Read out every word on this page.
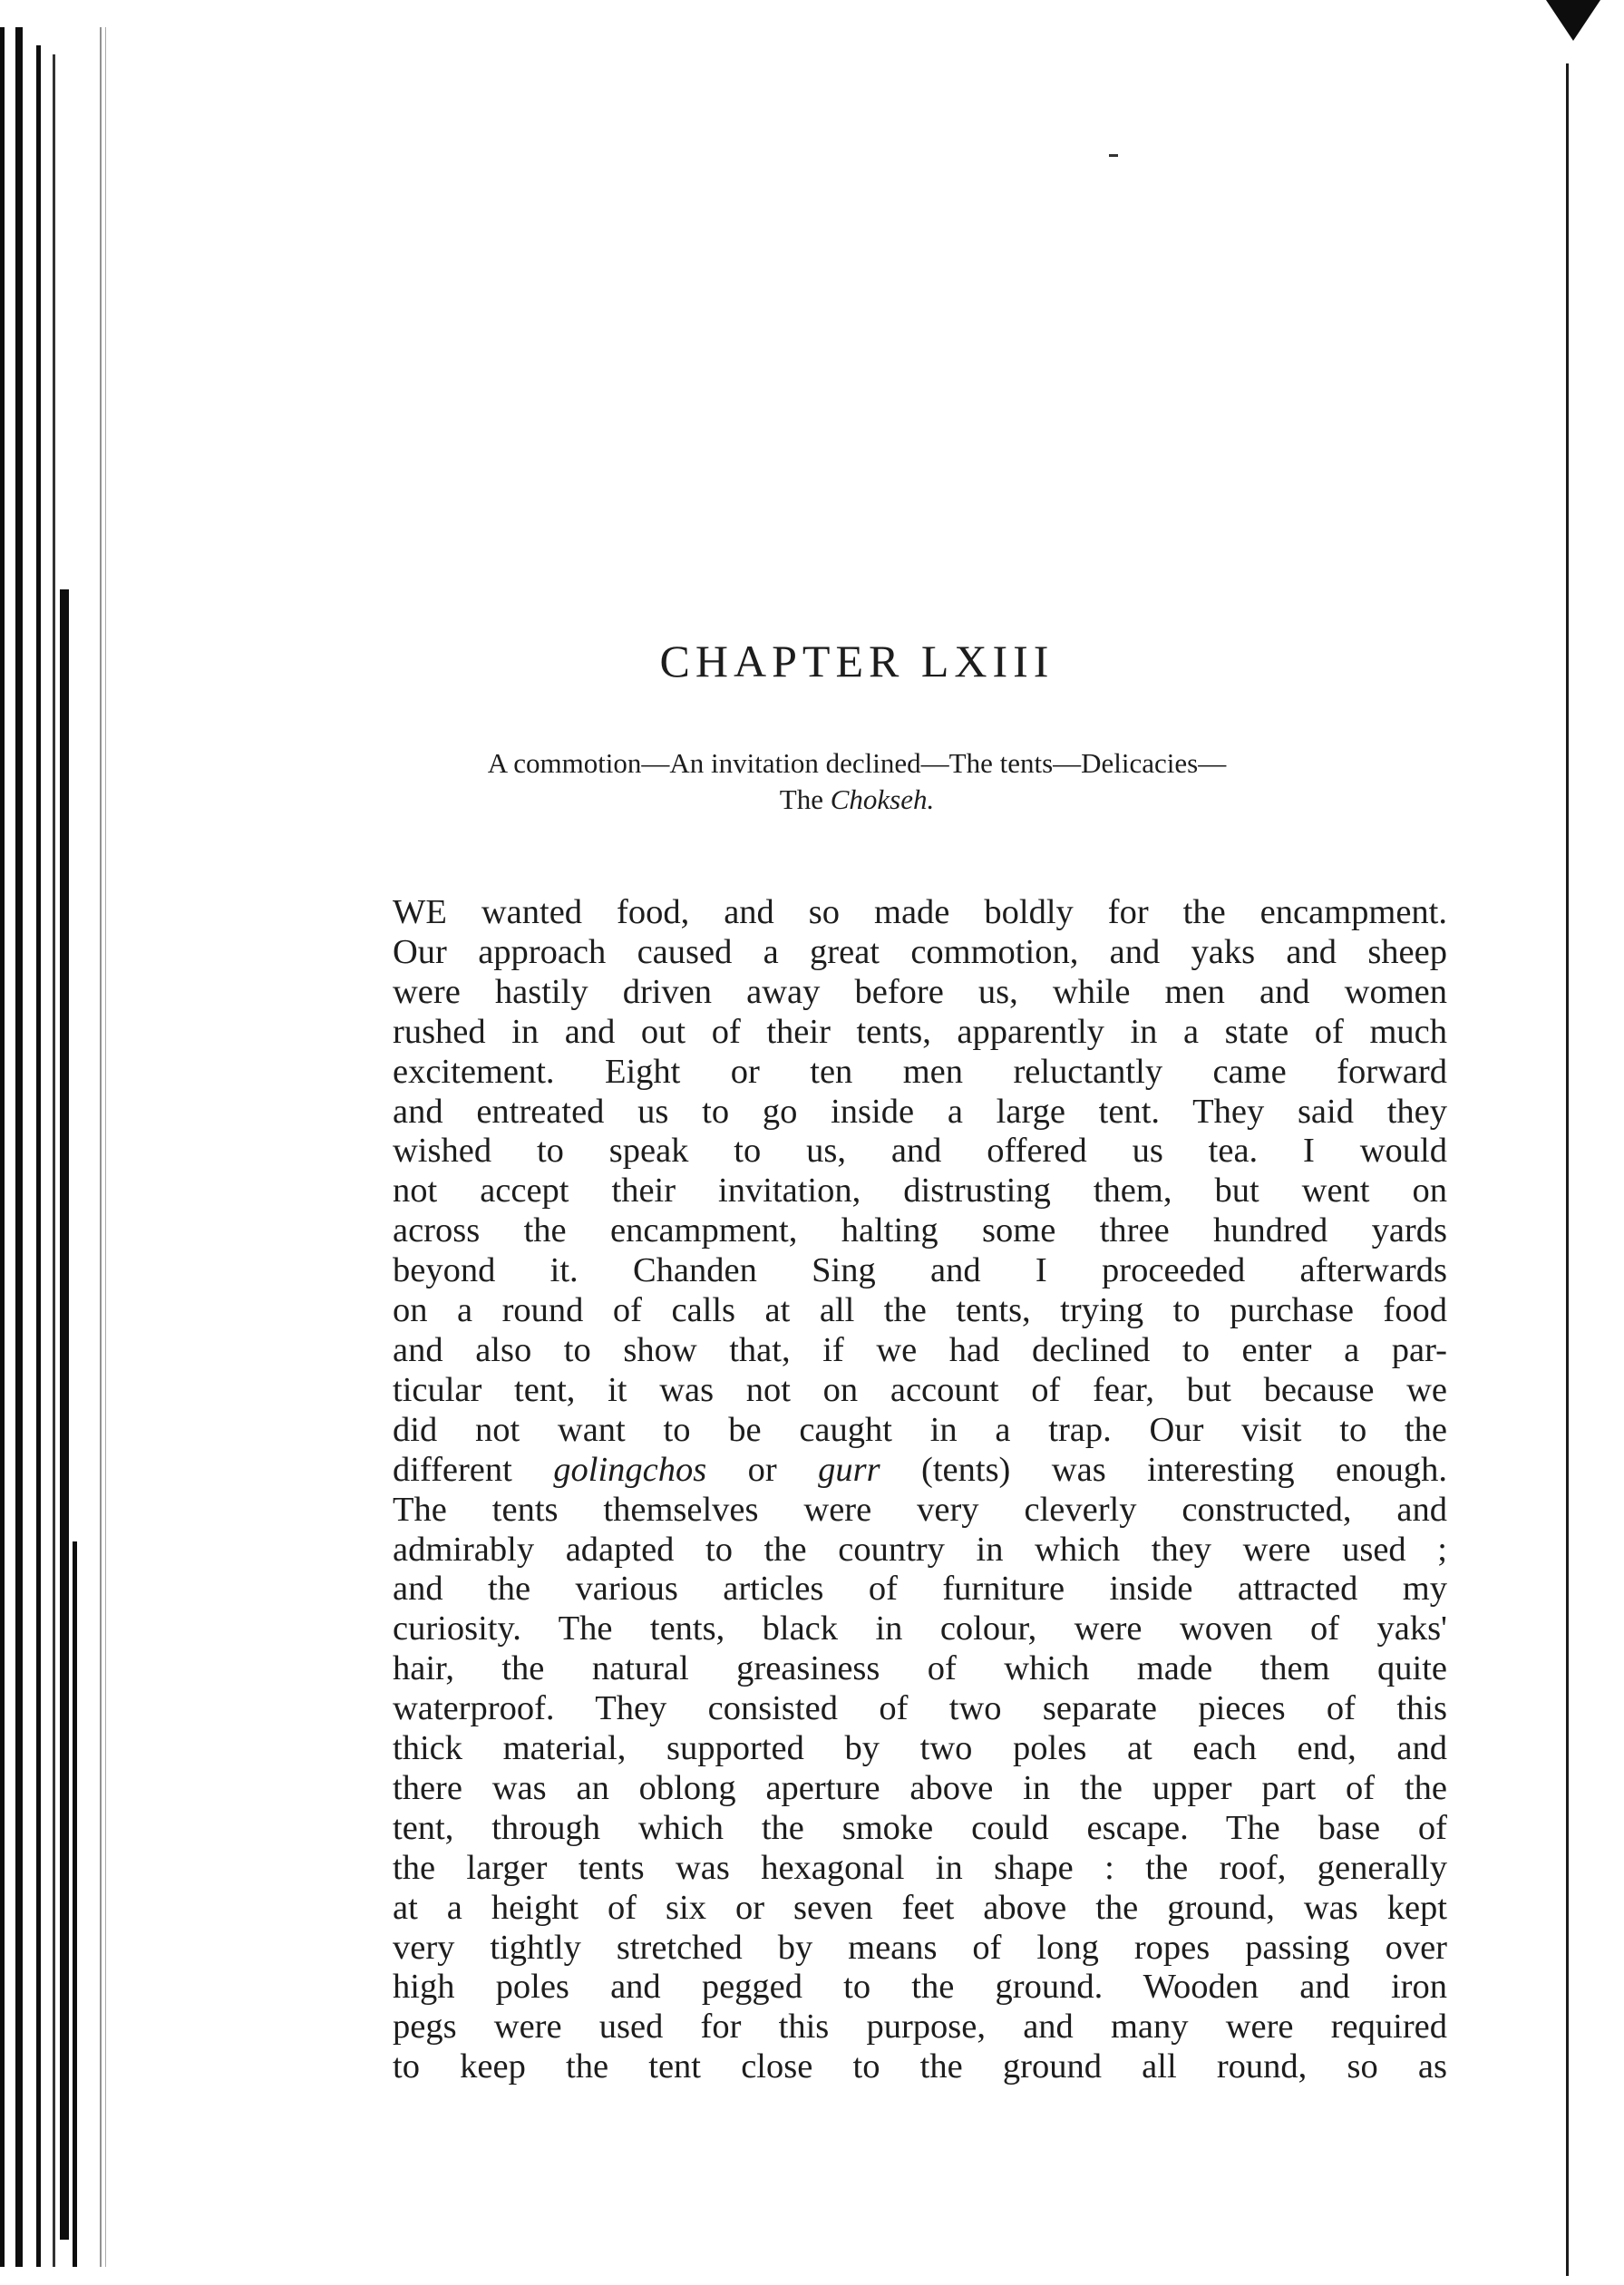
CHAPTER LXIII

A commotion—An invitation declined—The tents—Delicacies—
The Chokseh.

WE wanted food, and so made boldly for the encampment.
Our approach caused a great commotion, and yaks and sheep
were hastily driven away before us, while men and women
rushed in and out of their tents, apparently in a state of much
excitement. Eight or ten men reluctantly came forward
and entreated us to go inside a large tent. They said they
wished to speak to us, and offered us tea. I would
not accept their invitation, distrusting them, but went on
across the encampment, halting some three hundred yards
beyond it. Chanden Sing and I proceeded afterwards
on a round of calls at all the tents, trying to purchase food
and also to show that, if we had declined to enter a par-
ticular tent, it was not on account of fear, but because we
did not want to be caught in a trap. Our visit to the
different golingchos or gurr (tents) was interesting enough.
The tents themselves were very cleverly constructed, and
admirably adapted to the country in which they were used ;
and the various articles of furniture inside attracted my
curiosity. The tents, black in colour, were woven of yaks'
hair, the natural greasiness of which made them quite
waterproof. They consisted of two separate pieces of this
thick material, supported by two poles at each end, and
there was an oblong aperture above in the upper part of the
tent, through which the smoke could escape. The base of
the larger tents was hexagonal in shape : the roof, generally
at a height of six or seven feet above the ground, was kept
very tightly stretched by means of long ropes passing over
high poles and pegged to the ground. Wooden and iron
pegs were used for this purpose, and many were required
to keep the tent close to the ground all round, so as
